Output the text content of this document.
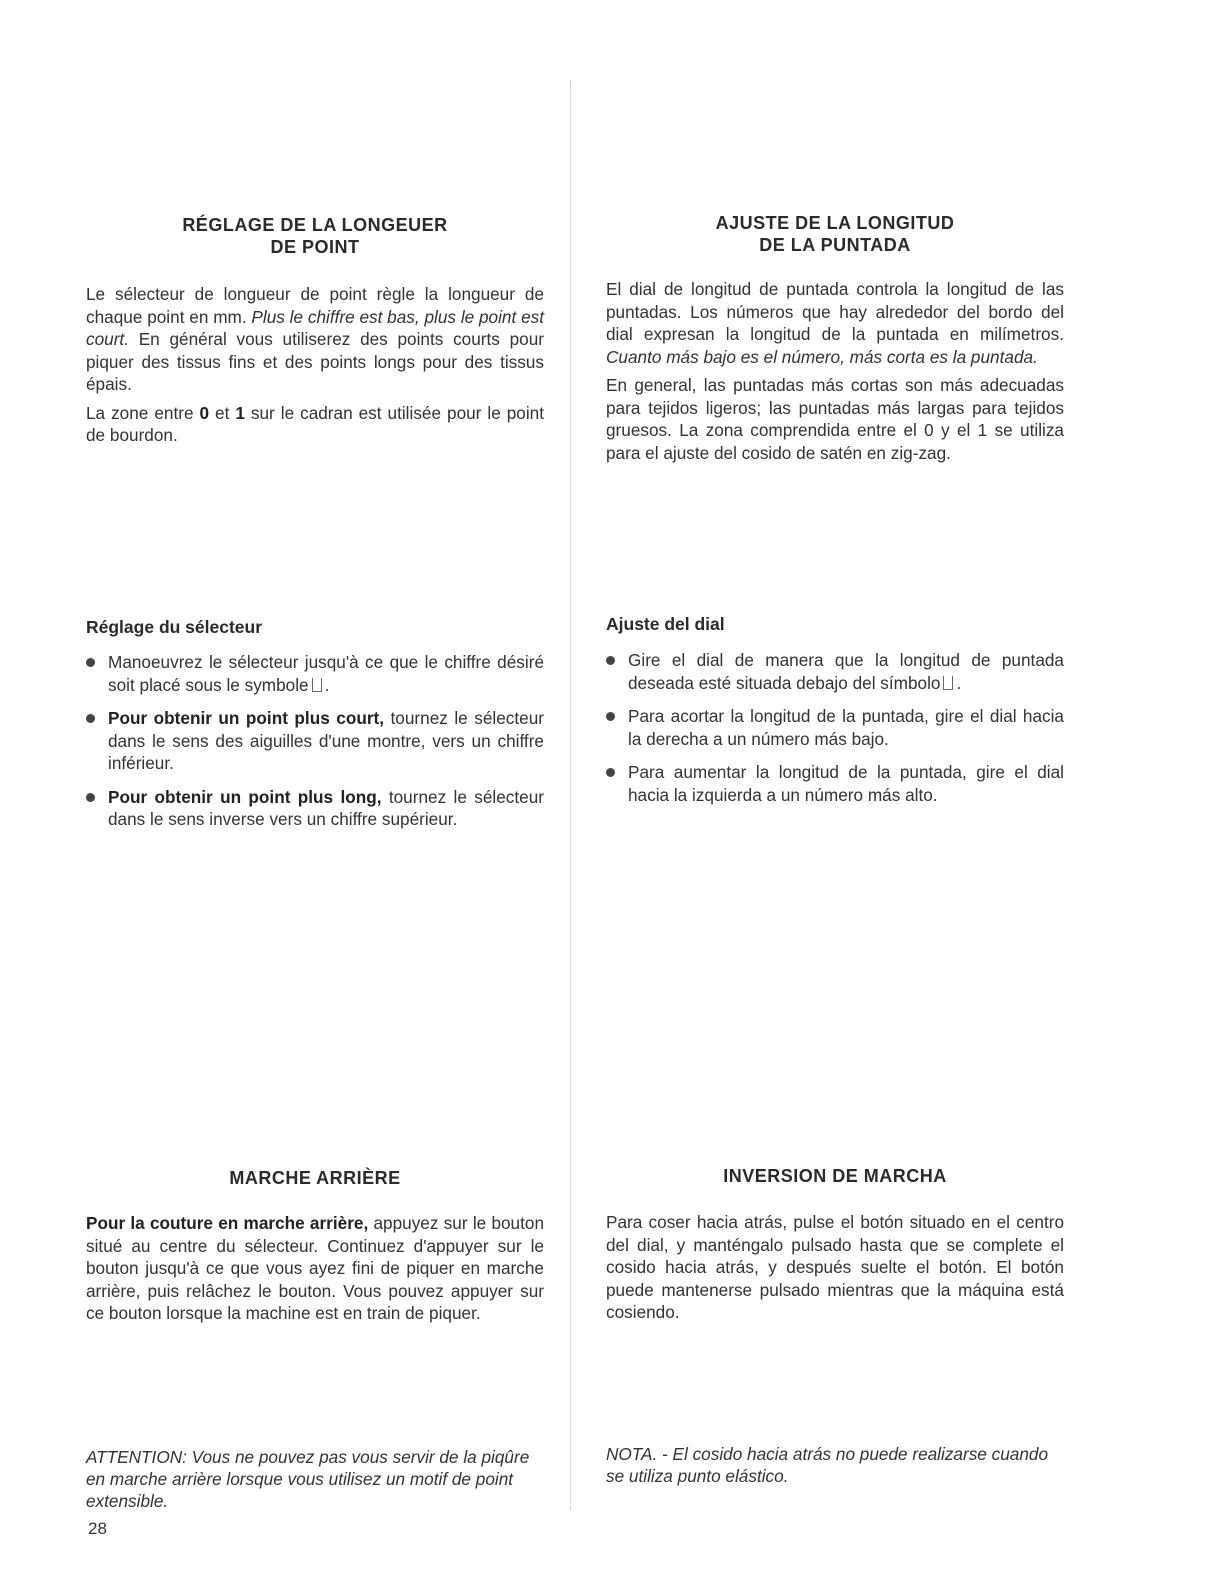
RÉGLAGE DE LA LONGEUER
DE POINT

Le sélecteur de longueur de point règle la longueur de chaque point en mm. Plus le chiffre est bas, plus le point est court. En général vous utiliserez des points courts pour piquer des tissus fins et des points longs pour des tissus épais.

La zone entre 0 et 1 sur le cadran est utilisée pour le point de bourdon.

Réglage du sélecteur
Manoeuvrez le sélecteur jusqu'à ce que le chiffre désiré soit placé sous le symbole .
Pour obtenir un point plus court, tournez le sélecteur dans le sens des aiguilles d'une montre, vers un chiffre inférieur.
Pour obtenir un point plus long, tournez le sélecteur dans le sens inverse vers un chiffre supérieur.
MARCHE ARRIÈRE

Pour la couture en marche arrière, appuyez sur le bouton situé au centre du sélecteur. Continuez d'appuyer sur le bouton jusqu'à ce que vous ayez fini de piquer en marche arrière, puis relâchez le bouton. Vous pouvez appuyer sur ce bouton lorsque la machine est en train de piquer.

ATTENTION: Vous ne pouvez pas vous servir de la piqûre en marche arrière lorsque vous utilisez un motif de point extensible.

AJUSTE DE LA LONGITUD
DE LA PUNTADA

El dial de longitud de puntada controla la longitud de las puntadas. Los números que hay alrededor del bordo del dial expresan la longitud de la puntada en milímetros. Cuanto más bajo es el número, más corta es la puntada.

En general, las puntadas más cortas son más adecuadas para tejidos ligeros; las puntadas más largas para tejidos gruesos. La zona comprendida entre el 0 y el 1 se utiliza para el ajuste del cosido de satén en zig-zag.

Ajuste del dial
Gire el dial de manera que la longitud de puntada deseada esté situada debajo del símbolo .
Para acortar la longitud de la puntada, gire el dial hacia la derecha a un número más bajo.
Para aumentar la longitud de la puntada, gire el dial hacia la izquierda a un número más alto.
INVERSION DE MARCHA
Para coser hacia atrás, pulse el botón situado en el centro del dial, y manténgalo pulsado hasta que se complete el cosido hacia atrás, y después suelte el botón. El botón puede mantenerse pulsado mientras que la máquina está cosiendo.

NOTA. - El cosido hacia atrás no puede realizarse cuando se utiliza punto elástico.

28
